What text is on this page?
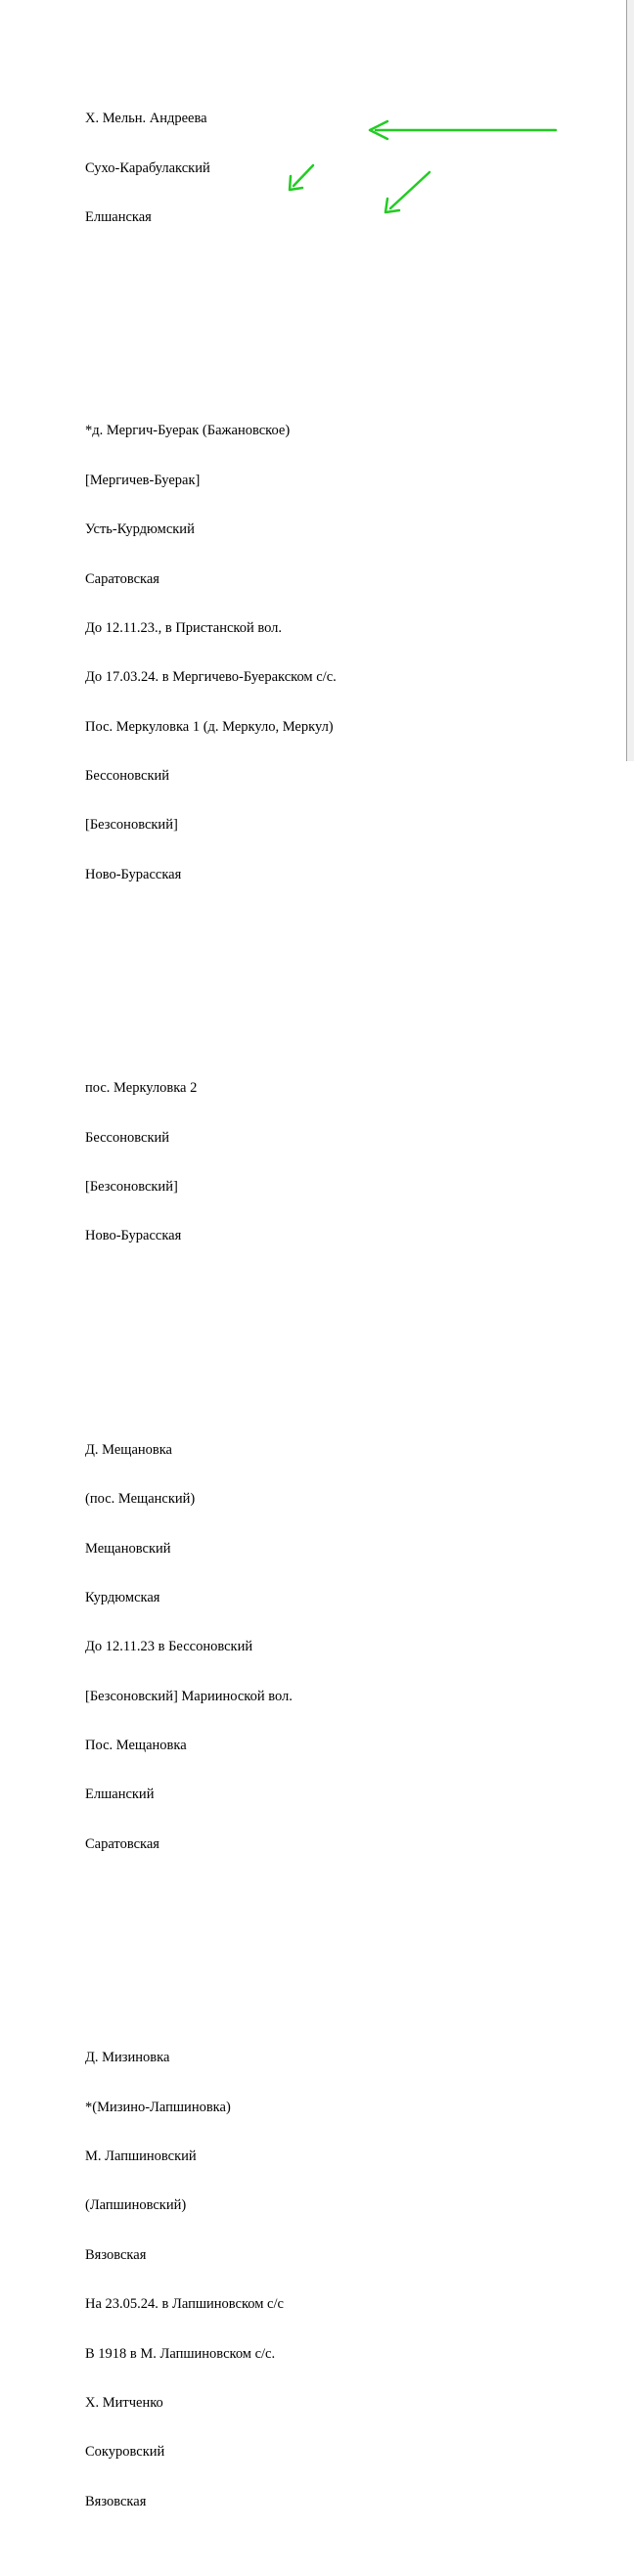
Х. Мельн. Андреева

Сухо-Карабулакский

Елшанская

*д. Мергич-Буерак (Бажановское)

[Мергичев-Буерак]

Усть-Курдюмский

Саратовская

До 12.11.23., в Пристанской вол.

До 17.03.24. в Мергичево-Буеракском с/с.

Пос. Меркуловка 1 (д. Меркуло, Меркул)

Бессоновский

[Безсоновский]

Ново-Бурасская

пос. Меркуловка 2

Бессоновский

[Безсоновский]

Ново-Бурасская

Д. Мещановка

(пос. Мещанский)

Мещановский

Курдюмская

До 12.11.23 в Бессоновский

[Безсоновский] Марииноской вол.

Пос. Мещановка

Елшанский

Саратовская

Д. Мизиновка

*(Мизино-Лапшиновка)

М. Лапшиновский

(Лапшиновский)

Вязовская

На 23.05.24. в Лапшиновском с/с

В 1918 в М. Лапшиновском с/с.

Х. Митченко

Сокуровский

Вязовская
